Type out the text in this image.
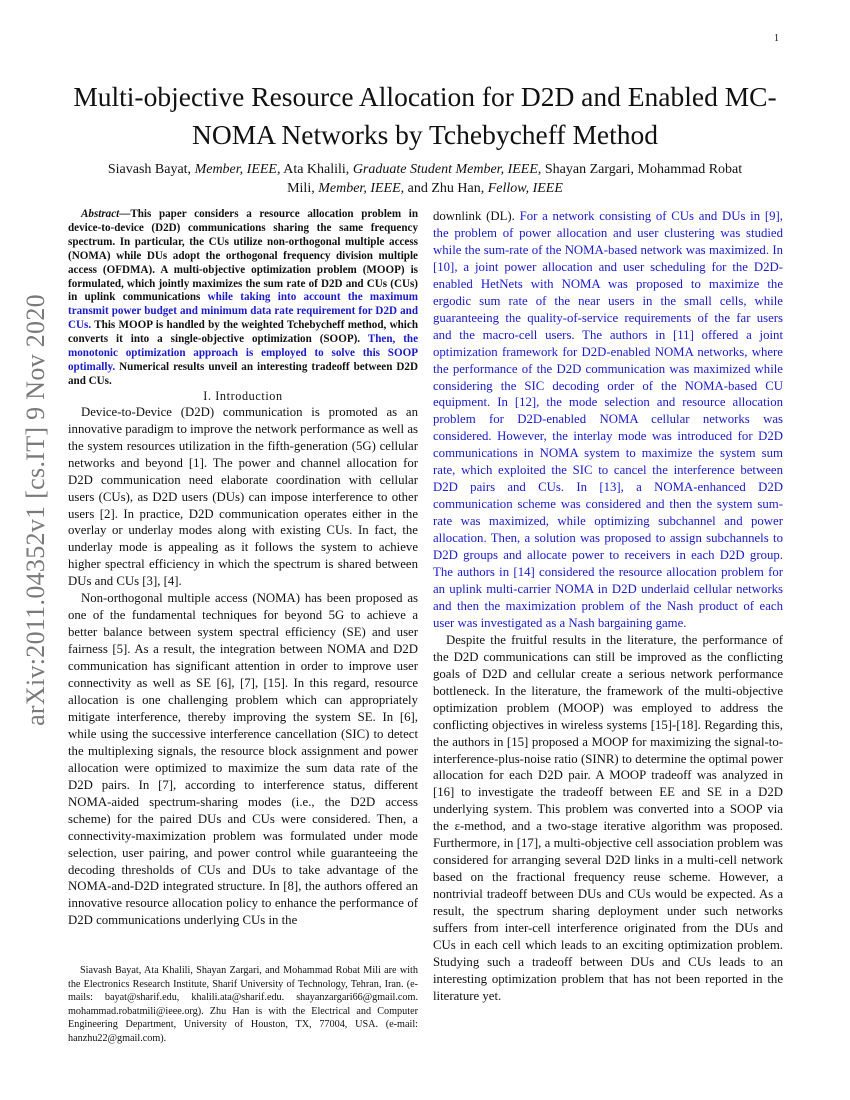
1
arXiv:2011.04352v1 [cs.IT] 9 Nov 2020
Multi-objective Resource Allocation for D2D and Enabled MC-NOMA Networks by Tchebycheff Method
Siavash Bayat, Member, IEEE, Ata Khalili, Graduate Student Member, IEEE, Shayan Zargari, Mohammad Robat
Mili, Member, IEEE, and Zhu Han, Fellow, IEEE

Abstract—This paper considers a resource allocation problem in device-to-device (D2D) communications sharing the same frequency spectrum. In particular, the CUs utilize non-orthogonal multiple access (NOMA) while DUs adopt the orthogonal frequency division multiple access (OFDMA). A multi-objective optimization problem (MOOP) is formulated, which jointly maximizes the sum rate of D2D and CUs (CUs) in uplink communications while taking into account the maximum transmit power budget and minimum data rate requirement for D2D and CUs. This MOOP is handled by the weighted Tchebycheff method, which converts it into a single-objective optimization (SOOP). Then, the monotonic optimization approach is employed to solve this SOOP optimally. Numerical results unveil an interesting tradeoff between D2D and CUs.

I. Introduction

Device-to-Device (D2D) communication is promoted as an innovative paradigm to improve the network performance as well as the system resources utilization in the fifth-generation (5G) cellular networks and beyond [1]. The power and channel allocation for D2D communication need elaborate coordination with cellular users (CUs), as D2D users (DUs) can impose interference to other users [2]. In practice, D2D communication operates either in the overlay or underlay modes along with existing CUs. In fact, the underlay mode is appealing as it follows the system to achieve higher spectral efficiency in which the spectrum is shared between DUs and CUs [3], [4].

Non-orthogonal multiple access (NOMA) has been proposed as one of the fundamental techniques for beyond 5G to achieve a better balance between system spectral efficiency (SE) and user fairness [5]. As a result, the integration between NOMA and D2D communication has significant attention in order to improve user connectivity as well as SE [6], [7], [15]. In this regard, resource allocation is one challenging problem which can appropriately mitigate interference, thereby improving the system SE. In [6], while using the successive interference cancellation (SIC) to detect the multiplexing signals, the resource block assignment and power allocation were optimized to maximize the sum data rate of the D2D pairs. In [7], according to interference status, different NOMA-aided spectrum-sharing modes (i.e., the D2D access scheme) for the paired DUs and CUs were considered. Then, a connectivity-maximization problem was formulated under mode selection, user pairing, and power control while guaranteeing the decoding thresholds of CUs and DUs to take advantage of the NOMA-and-D2D integrated structure. In [8], the authors offered an innovative resource allocation policy to enhance the performance of D2D communications underlying CUs in the

Siavash Bayat, Ata Khalili, Shayan Zargari, and Mohammad Robat Mili are with the Electronics Research Institute, Sharif University of Technology, Tehran, Iran. (e-mails: bayat@sharif.edu, khalili.ata@sharif.edu. shayanzargari66@gmail.com. mohammad.robatmili@ieee.org). Zhu Han is with the Electrical and Computer Engineering Department, University of Houston, TX, 77004, USA. (e-mail: hanzhu22@gmail.com).

downlink (DL). For a network consisting of CUs and DUs in [9], the problem of power allocation and user clustering was studied while the sum-rate of the NOMA-based network was maximized. In [10], a joint power allocation and user scheduling for the D2D-enabled HetNets with NOMA was proposed to maximize the ergodic sum rate of the near users in the small cells, while guaranteeing the quality-of-service requirements of the far users and the macro-cell users. The authors in [11] offered a joint optimization framework for D2D-enabled NOMA networks, where the performance of the D2D communication was maximized while considering the SIC decoding order of the NOMA-based CU equipment. In [12], the mode selection and resource allocation problem for D2D-enabled NOMA cellular networks was considered. However, the interlay mode was introduced for D2D communications in NOMA system to maximize the system sum rate, which exploited the SIC to cancel the interference between D2D pairs and CUs. In [13], a NOMA-enhanced D2D communication scheme was considered and then the system sum-rate was maximized, while optimizing subchannel and power allocation. Then, a solution was proposed to assign subchannels to D2D groups and allocate power to receivers in each D2D group. The authors in [14] considered the resource allocation problem for an uplink multi-carrier NOMA in D2D underlaid cellular networks and then the maximization problem of the Nash product of each user was investigated as a Nash bargaining game.

Despite the fruitful results in the literature, the performance of the D2D communications can still be improved as the conflicting goals of D2D and cellular create a serious network performance bottleneck. In the literature, the framework of the multi-objective optimization problem (MOOP) was employed to address the conflicting objectives in wireless systems [15]-[18]. Regarding this, the authors in [15] proposed a MOOP for maximizing the signal-to-interference-plus-noise ratio (SINR) to determine the optimal power allocation for each D2D pair. A MOOP tradeoff was analyzed in [16] to investigate the tradeoff between EE and SE in a D2D underlying system. This problem was converted into a SOOP via the ε-method, and a two-stage iterative algorithm was proposed. Furthermore, in [17], a multi-objective cell association problem was considered for arranging several D2D links in a multi-cell network based on the fractional frequency reuse scheme. However, a nontrivial tradeoff between DUs and CUs would be expected. As a result, the spectrum sharing deployment under such networks suffers from inter-cell interference originated from the DUs and CUs in each cell which leads to an exciting optimization problem. Studying such a tradeoff between DUs and CUs leads to an interesting optimization problem that has not been reported in the literature yet.
